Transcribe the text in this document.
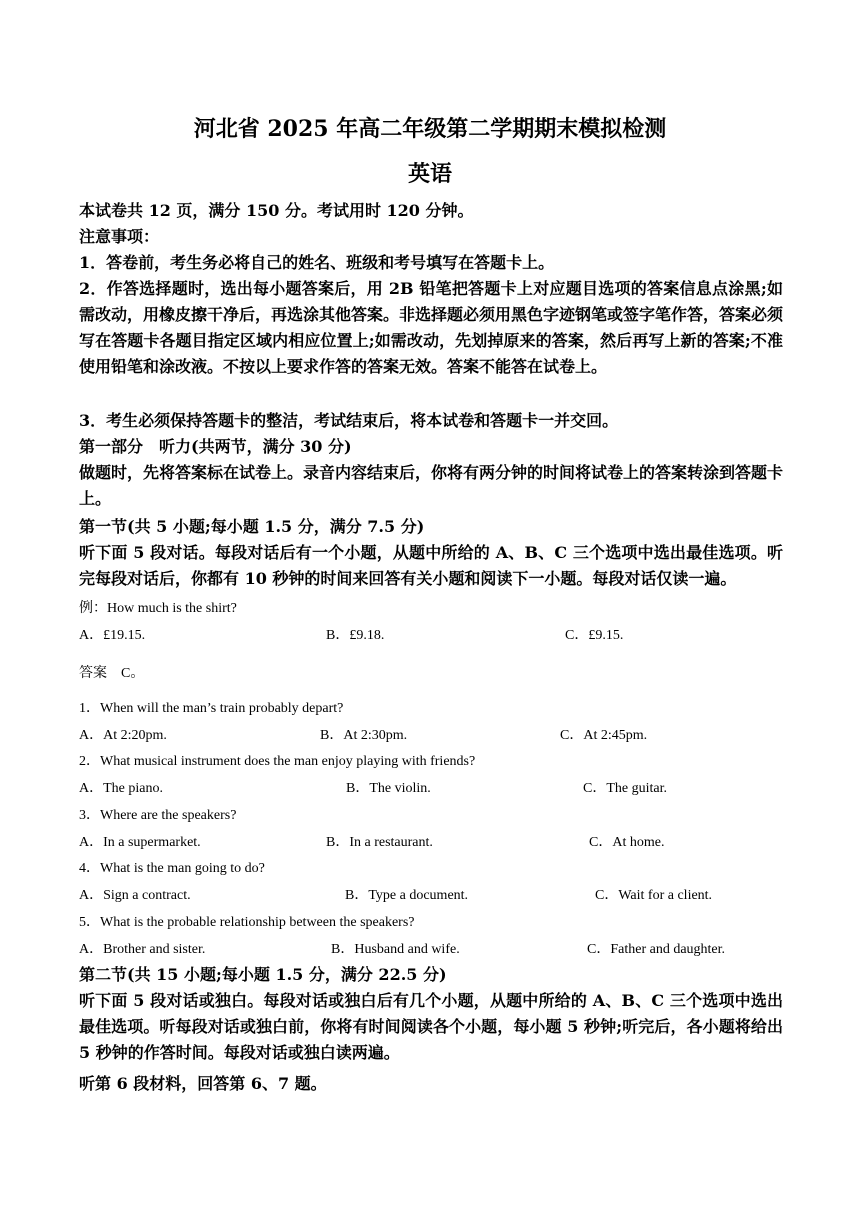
河北省 2025 年高二年级第二学期期末模拟检测
英语
本试卷共 12 页，满分 150 分。考试用时 120 分钟。
注意事项：
1．答卷前，考生务必将自己的姓名、班级和考号填写在答题卡上。
2．作答选择题时，选出每小题答案后，用 2B 铅笔把答题卡上对应题目选项的答案信息点涂黑;如需改动，用橡皮擦干净后，再选涂其他答案。非选择题必须用黑色字迹钢笔或签字笔作答，答案必须写在答题卡各题目指定区域内相应位置上;如需改动，先划掉原来的答案，然后再写上新的答案;不准使用铅笔和涂改液。不按以上要求作答的答案无效。答案不能答在试卷上。
3．考生必须保持答题卡的整洁，考试结束后，将本试卷和答题卡一并交回。
第一部分　听力(共两节，满分 30 分)
做题时，先将答案标在试卷上。录音内容结束后，你将有两分钟的时间将试卷上的答案转涂到答题卡上。
第一节(共 5 小题;每小题 1.5 分，满分 7.5 分)
听下面 5 段对话。每段对话后有一个小题，从题中所给的 A、B、C 三个选项中选出最佳选项。听完每段对话后，你都有 10 秒钟的时间来回答有关小题和阅读下一小题。每段对话仅读一遍。
例：How much is the shirt?
A．£19.15.	B．£9.18.	C．£9.15.
答案　C。
1．When will the man’s train probably depart?
A．At 2:20pm.	B．At 2:30pm.	C．At 2:45pm.
2．What musical instrument does the man enjoy playing with friends?
A．The piano.	B．The violin.	C．The guitar.
3．Where are the speakers?
A．In a supermarket.	B．In a restaurant.	C．At home.
4．What is the man going to do?
A．Sign a contract.	B．Type a document.	C．Wait for a client.
5．What is the probable relationship between the speakers?
A．Brother and sister.	B．Husband and wife.	C．Father and daughter.
第二节(共 15 小题;每小题 1.5 分，满分 22.5 分)
听下面 5 段对话或独白。每段对话或独白后有几个小题，从题中所给的 A、B、C 三个选项中选出最佳选项。听每段对话或独白前，你将有时间阅读各个小题，每小题 5 秒钟;听完后，各小题将给出 5 秒钟的作答时间。每段对话或独白读两遍。
听第 6 段材料，回答第 6、7 题。
